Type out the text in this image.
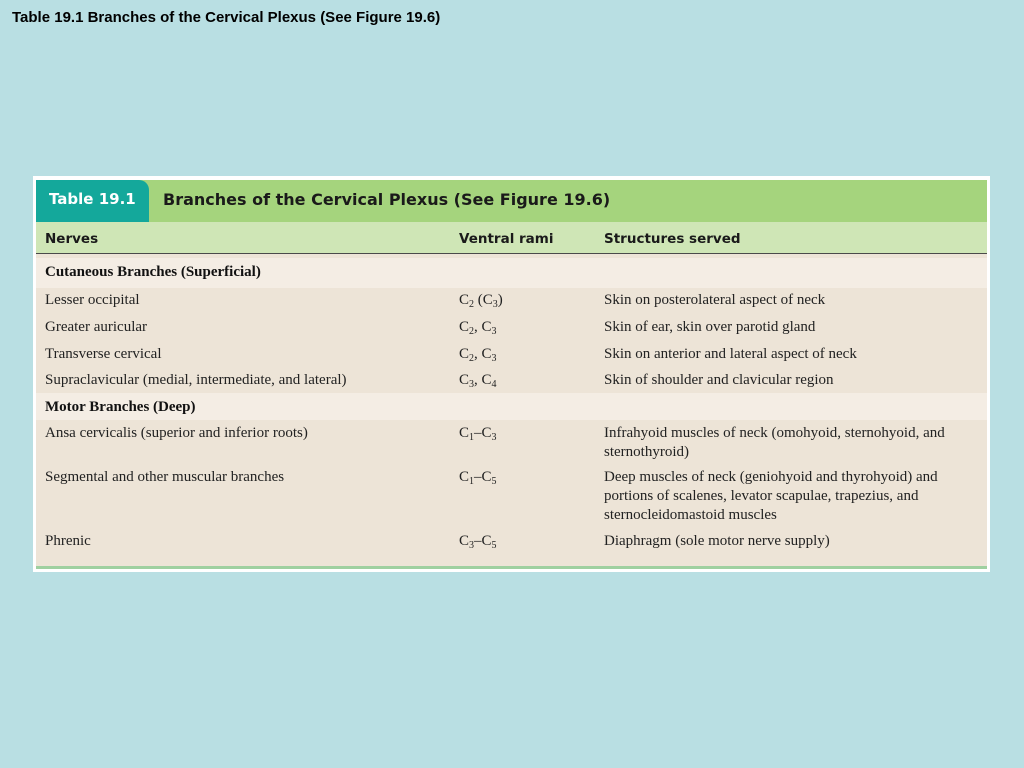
Table 19.1 Branches of the Cervical Plexus (See Figure 19.6)
Table 19.1 Branches of the Cervical Plexus (See Figure 19.6)
Nerves	Ventral rami	Structures served
Cutaneous Branches (Superficial)
Lesser occipital	$C_2$ $(C_3)$	Skin on posterolateral aspect of neck
Greater auricular	$C_2$, $C_3$	Skin of ear, skin over parotid gland
Transverse cervical	$C_2$, $C_3$	Skin on anterior and lateral aspect of neck
Supraclavicular (medial, intermediate, and lateral)	$C_3$, $C_4$	Skin of shoulder and clavicular region
Motor Branches (Deep)
Ansa cervicalis (superior and inferior roots)	$C_1-C_3$	Infrahyoid muscles of neck (omohyoid, sternohyoid, and sternothyroid)
Segmental and other muscular branches	$C_1-C_5$	Deep muscles of neck (geniohyoid and thyrohyoid) and portions of scalenes, levator scapulae, trapezius, and sternocleidomastoid muscles
Phrenic	$C_3-C_5$	Diaphragm (sole motor nerve supply)
